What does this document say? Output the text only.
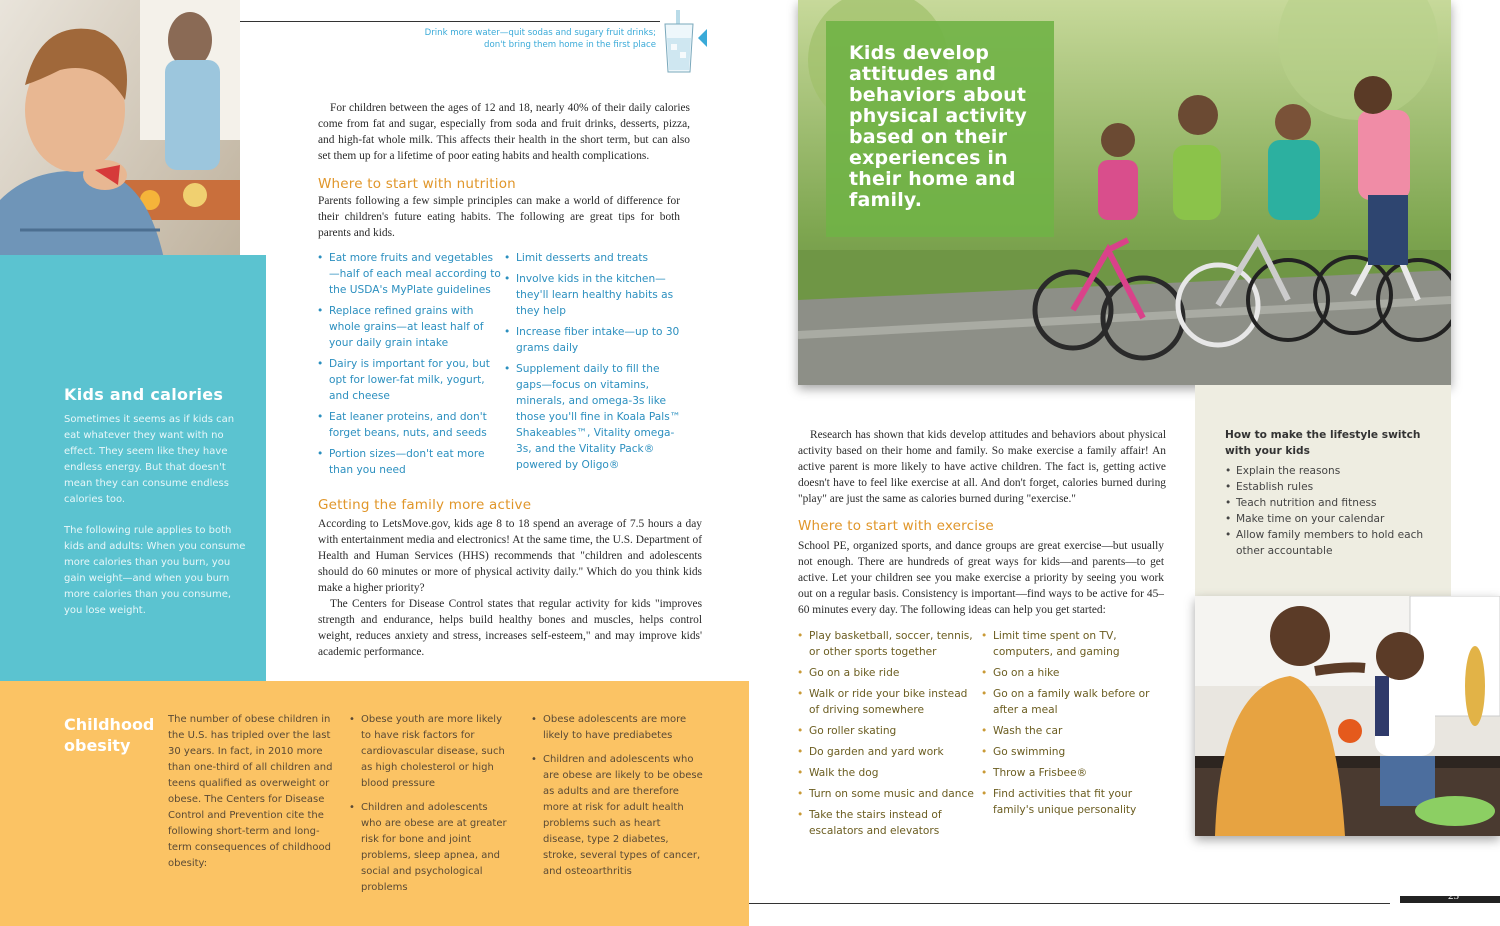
Kids and calories

Sometimes it seems as if kids can eat whatever they want with no effect. They seem like they have endless energy. But that doesn't mean they can consume endless calories too.

The following rule applies to both kids and adults: When you consume more calories than you burn, you gain weight—and when you burn more calories than you consume, you lose weight.

Drink more water—quit sodas and sugary fruit drinks;
don't bring them home in the first place

For children between the ages of 12 and 18, nearly 40% of their daily calories come from fat and sugar, especially from soda and fruit drinks, desserts, pizza, and high-fat whole milk. This affects their health in the short term, but can also set them up for a lifetime of poor eating habits and health complications.

Where to start with nutrition

Parents following a few simple principles can make a world of difference for their children's future eating habits. The following are great tips for both parents and kids.

• Eat more fruits and vegetables—half of each meal according to the USDA's MyPlate guidelines
• Replace refined grains with whole grains—at least half of your daily grain intake
• Dairy is important for you, but opt for lower-fat milk, yogurt, and cheese
• Eat leaner proteins, and don't forget beans, nuts, and seeds
• Portion sizes—don't eat more than you need
• Limit desserts and treats
• Involve kids in the kitchen—they'll learn healthy habits as they help
• Increase fiber intake—up to 30 grams daily
• Supplement daily to fill the gaps—focus on vitamins, minerals, and omega-3s like those you'll fine in Koala Pals™ Shakeables™, Vitality omega-3s, and the Vitality Pack® powered by Oligo®
Getting the family more active

According to LetsMove.gov, kids age 8 to 18 spend an average of 7.5 hours a day with entertainment media and electronics! At the same time, the U.S. Department of Health and Human Services (HHS) recommends that "children and adolescents should do 60 minutes or more of physical activity daily." Which do you think kids make a higher priority?

The Centers for Disease Control states that regular activity for kids "improves strength and endurance, helps build healthy bones and muscles, helps control weight, reduces anxiety and stress, increases self-esteem," and may improve kids' academic performance.

Childhood obesity

The number of obese children in the U.S. has tripled over the last 30 years. In fact, in 2010 more than one-third of all children and teens qualified as overweight or obese. The Centers for Disease Control and Prevention cite the following short-term and long-term consequences of childhood obesity:

• Obese youth are more likely to have risk factors for cardiovascular disease, such as high cholesterol or high blood pressure
• Children and adolescents who are obese are at greater risk for bone and joint problems, sleep apnea, and social and psychological problems
• Obese adolescents are more likely to have prediabetes
• Children and adolescents who are obese are likely to be obese as adults and are therefore more at risk for adult health problems such as heart disease, type 2 diabetes, stroke, several types of cancer, and osteoarthritis

Kids develop attitudes and behaviors about physical activity based on their experiences in their home and family.

Research has shown that kids develop attitudes and behaviors about physical activity based on their home and family. So make exercise a family affair! An active parent is more likely to have active children. The fact is, getting active doesn't have to feel like exercise at all. And don't forget, calories burned during "play" are just the same as calories burned during "exercise."

Where to start with exercise

School PE, organized sports, and dance groups are great exercise—but usually not enough. There are hundreds of great ways for kids—and parents—to get active. Let your children see you make exercise a priority by seeing you work out on a regular basis. Consistency is important—find ways to be active for 45–60 minutes every day. The following ideas can help you get started:

• Play basketball, soccer, tennis, or other sports together
• Go on a bike ride
• Walk or ride your bike instead of driving somewhere
• Go roller skating
• Do garden and yard work
• Walk the dog
• Turn on some music and dance
• Take the stairs instead of escalators and elevators
• Limit time spent on TV, computers, and gaming
• Go on a hike
• Go on a family walk before or after a meal
• Wash the car
• Go swimming
• Throw a Frisbee®
• Find activities that fit your family's unique personality
How to make the lifestyle switch with your kids
• Explain the reasons
• Establish rules
• Teach nutrition and fitness
• Make time on your calendar
• Allow family members to hold each other accountable
25
